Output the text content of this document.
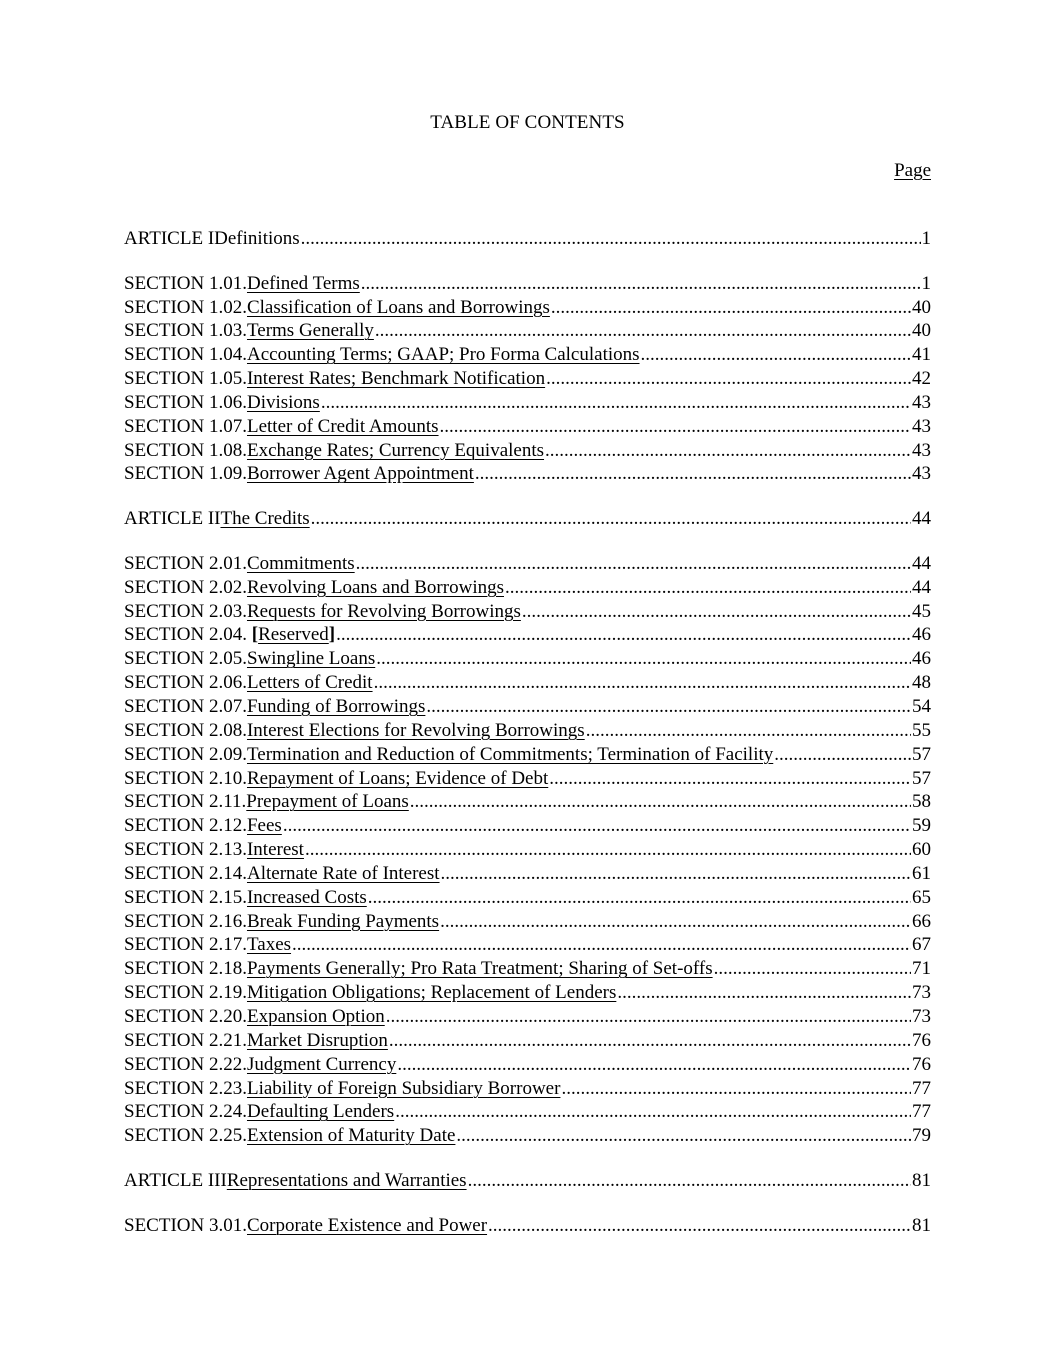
TABLE OF CONTENTS
Page
ARTICLE I Definitions .....	1
SECTION 1.01. Defined Terms .....	1
SECTION 1.02. Classification of Loans and Borrowings .....	40
SECTION 1.03. Terms Generally .....	40
SECTION 1.04. Accounting Terms; GAAP; Pro Forma Calculations .....	41
SECTION 1.05. Interest Rates; Benchmark Notification .....	42
SECTION 1.06. Divisions .....	43
SECTION 1.07. Letter of Credit Amounts .....	43
SECTION 1.08. Exchange Rates; Currency Equivalents .....	43
SECTION 1.09. Borrower Agent Appointment .....	43
ARTICLE II The Credits .....	44
SECTION 2.01. Commitments .....	44
SECTION 2.02. Revolving Loans and Borrowings .....	44
SECTION 2.03. Requests for Revolving Borrowings .....	45
SECTION 2.04. [Reserved] .....	46
SECTION 2.05. Swingline Loans .....	46
SECTION 2.06. Letters of Credit .....	48
SECTION 2.07. Funding of Borrowings .....	54
SECTION 2.08. Interest Elections for Revolving Borrowings .....	55
SECTION 2.09. Termination and Reduction of Commitments; Termination of Facility .....	57
SECTION 2.10. Repayment of Loans; Evidence of Debt .....	57
SECTION 2.11. Prepayment of Loans .....	58
SECTION 2.12. Fees .....	59
SECTION 2.13. Interest .....	60
SECTION 2.14. Alternate Rate of Interest .....	61
SECTION 2.15. Increased Costs .....	65
SECTION 2.16. Break Funding Payments .....	66
SECTION 2.17. Taxes .....	67
SECTION 2.18. Payments Generally; Pro Rata Treatment; Sharing of Set-offs .....	71
SECTION 2.19. Mitigation Obligations; Replacement of Lenders .....	73
SECTION 2.20. Expansion Option .....	73
SECTION 2.21. Market Disruption .....	76
SECTION 2.22. Judgment Currency .....	76
SECTION 2.23. Liability of Foreign Subsidiary Borrower .....	77
SECTION 2.24. Defaulting Lenders .....	77
SECTION 2.25. Extension of Maturity Date .....	79
ARTICLE III Representations and Warranties .....	81
SECTION 3.01. Corporate Existence and Power .....	81
